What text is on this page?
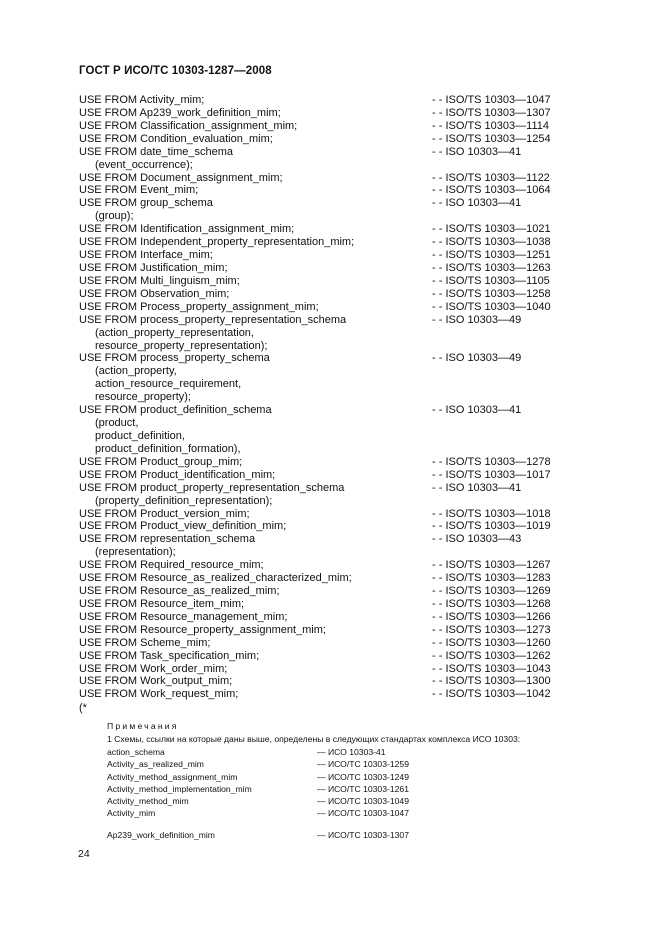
ГОСТ Р ИСО/ТС 10303-1287—2008
USE FROM Activity_mim;	- - ISO/TS 10303—1047
USE FROM Ap239_work_definition_mim;	- - ISO/TS 10303—1307
USE FROM Classification_assignment_mim;	- - ISO/TS 10303—1114
USE FROM Condition_evaluation_mim;	- - ISO/TS 10303—1254
USE FROM date_time_schema	- - ISO 10303—41
(event_occurrence);
USE FROM Document_assignment_mim;	- - ISO/TS 10303—1122
USE FROM Event_mim;	- - ISO/TS 10303—1064
USE FROM group_schema	- - ISO 10303—41
(group);
USE FROM Identification_assignment_mim;	- - ISO/TS 10303—1021
USE FROM Independent_property_representation_mim;	- - ISO/TS 10303—1038
USE FROM Interface_mim;	- - ISO/TS 10303—1251
USE FROM Justification_mim;	- - ISO/TS 10303—1263
USE FROM Multi_linguism_mim;	- - ISO/TS 10303—1105
USE FROM Observation_mim;	- - ISO/TS 10303—1258
USE FROM Process_property_assignment_mim;	- - ISO/TS 10303—1040
USE FROM process_property_representation_schema	- - ISO 10303—49
(action_property_representation,
resource_property_representation);
USE FROM process_property_schema	- - ISO 10303—49
(action_property,
action_resource_requirement,
resource_property);
USE FROM product_definition_schema	- - ISO 10303—41
(product,
product_definition,
product_definition_formation),
USE FROM Product_group_mim;	- - ISO/TS 10303—1278
USE FROM Product_identification_mim;	- - ISO/TS 10303—1017
USE FROM product_property_representation_schema	- - ISO 10303—41
(property_definition_representation);
USE FROM Product_version_mim;	- - ISO/TS 10303—1018
USE FROM Product_view_definition_mim;	- - ISO/TS 10303—1019
USE FROM representation_schema	- - ISO 10303—43
(representation);
USE FROM Required_resource_mim;	- - ISO/TS 10303—1267
USE FROM Resource_as_realized_characterized_mim;	- - ISO/TS 10303—1283
USE FROM Resource_as_realized_mim;	- - ISO/TS 10303—1269
USE FROM Resource_item_mim;	- - ISO/TS 10303—1268
USE FROM Resource_management_mim;	- - ISO/TS 10303—1266
USE FROM Resource_property_assignment_mim;	- - ISO/TS 10303—1273
USE FROM Scheme_mim;	- - ISO/TS 10303—1260
USE FROM Task_specification_mim;	- - ISO/TS 10303—1262
USE FROM Work_order_mim;	- - ISO/TS 10303—1043
USE FROM Work_output_mim;	- - ISO/TS 10303—1300
USE FROM Work_request_mim;	- - ISO/TS 10303—1042
(*
Примечания
1 Схемы, ссылки на которые даны выше, определены в следующих стандартах комплекса ИСО 10303:
action_schema	— ИСО 10303-41
Activity_as_realized_mim	— ИСО/ТС 10303-1259
Activity_method_assignment_mim	— ИСО/ТС 10303-1249
Activity_method_implementation_mim	— ИСО/ТС 10303-1261
Activity_method_mim	— ИСО/ТС 10303-1049
Activity_mim	— ИСО/ТС 10303-1047
Ap239_work_definition_mim	— ИСО/ТС 10303-1307
24
